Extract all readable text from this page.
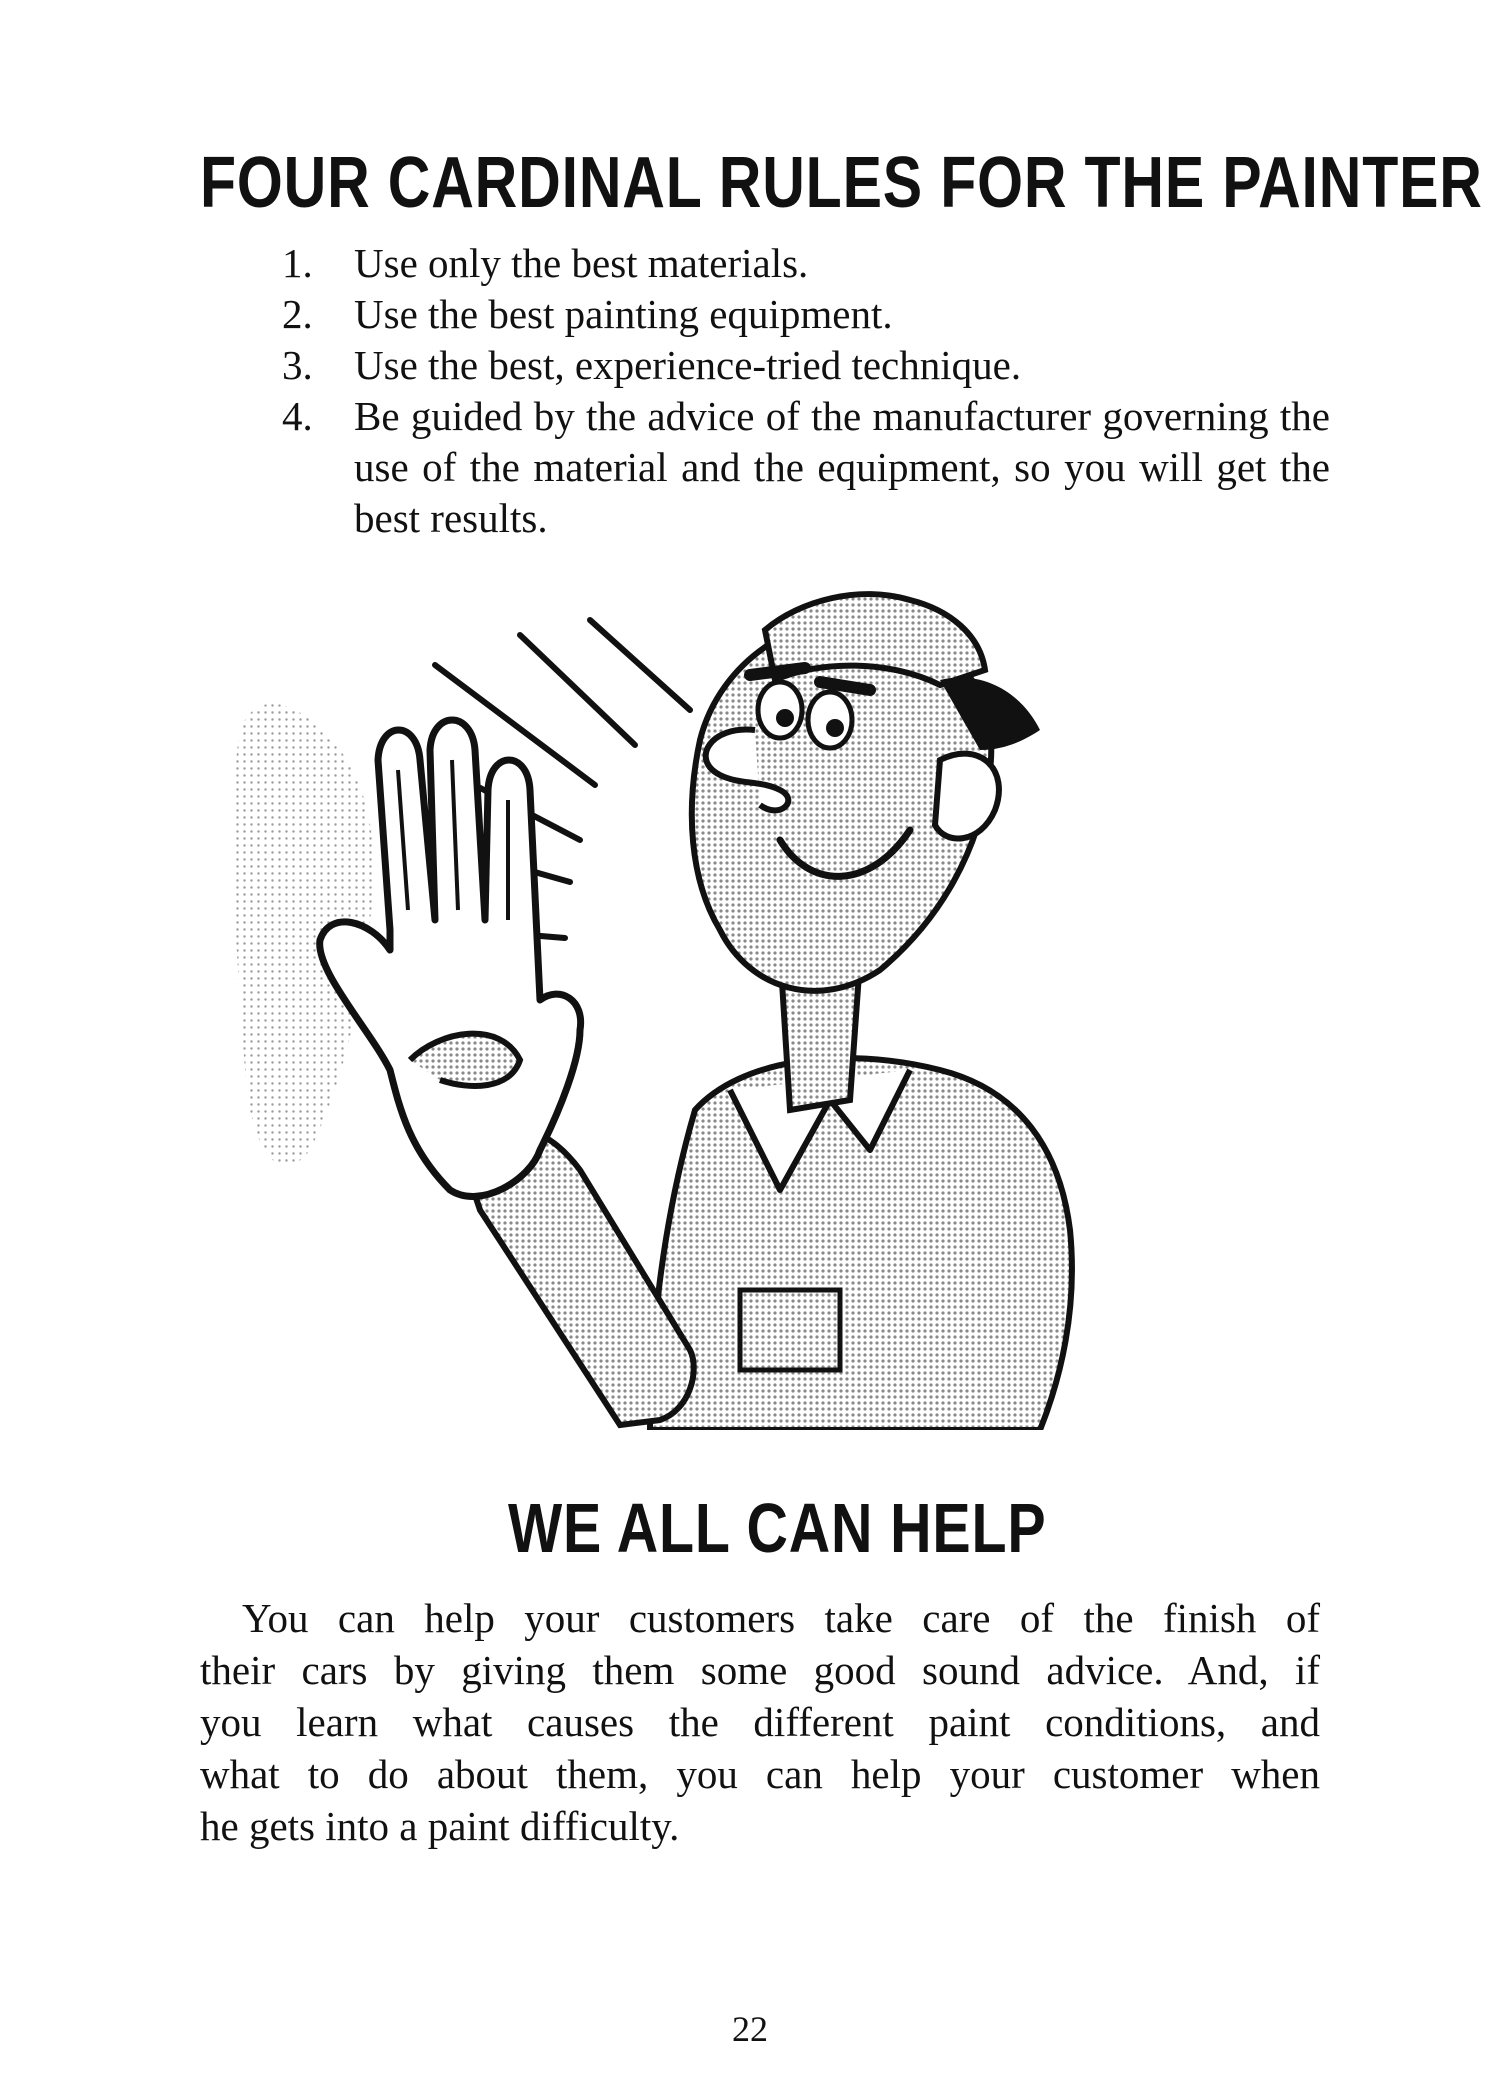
FOUR CARDINAL RULES FOR THE PAINTER
1. Use only the best materials.
2. Use the best painting equipment.
3. Use the best, experience-tried technique.
4. Be guided by the advice of the manufacturer governing the use of the material and the equipment, so you will get the best results.
WE ALL CAN HELP

You can help your customers take care of the finish of
their cars by giving them some good sound advice. And, if
you learn what causes the different paint conditions, and
what to do about them, you can help your customer when
he gets into a paint difficulty.

22
